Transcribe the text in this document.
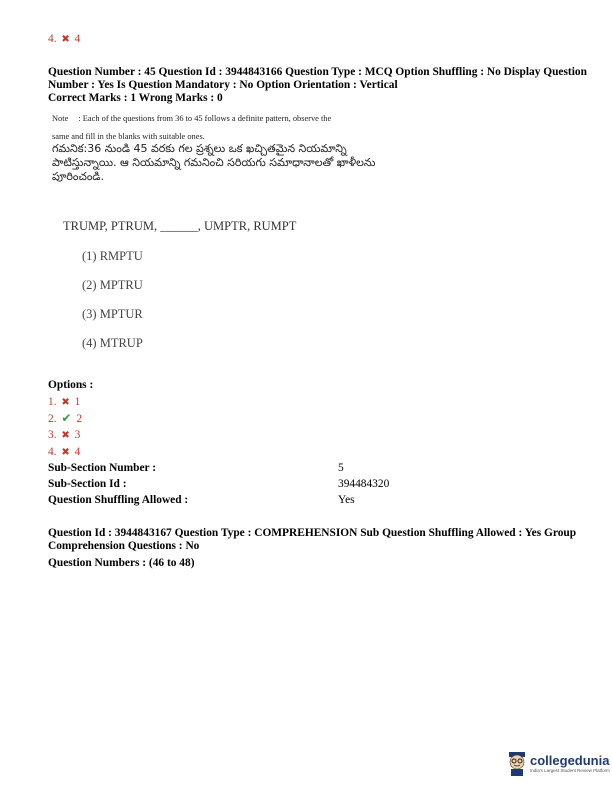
4. ✖ 4
Question Number : 45 Question Id : 3944843166 Question Type : MCQ Option Shuffling : No Display Question
Number : Yes Is Question Mandatory : No Option Orientation : Vertical
Correct Marks : 1 Wrong Marks : 0
Note : Each of the questions from 36 to 45 follows a definite pattern, observe the
same and fill in the blanks with suitable ones.
గమనిక:36 నుండి 45 వరకు గల ప్రశ్నలు ఒక ఖచ్చితమైన నియమాన్ని
పాటిస్తున్నాయి. ఆ నియమాన్ని గమనించి సరియగు సమాధానాలతో ఖాళీలను
పూరించండి.
TRUMP, PTRUM, ______, UMPTR, RUMPT
(1) RMPTU
(2) MPTRU
(3) MPTUR
(4) MTRUP
Options :
1. ✖ 1
2. ✔ 2
3. ✖ 3
4. ✖ 4
Sub-Section Number :	5
Sub-Section Id :	394484320
Question Shuffling Allowed :	Yes
Question Id : 3944843167 Question Type : COMPREHENSION Sub Question Shuffling Allowed : Yes Group
Comprehension Questions : No
Question Numbers : (46 to 48)
collegedunia
India's Largest Student Review Platform
